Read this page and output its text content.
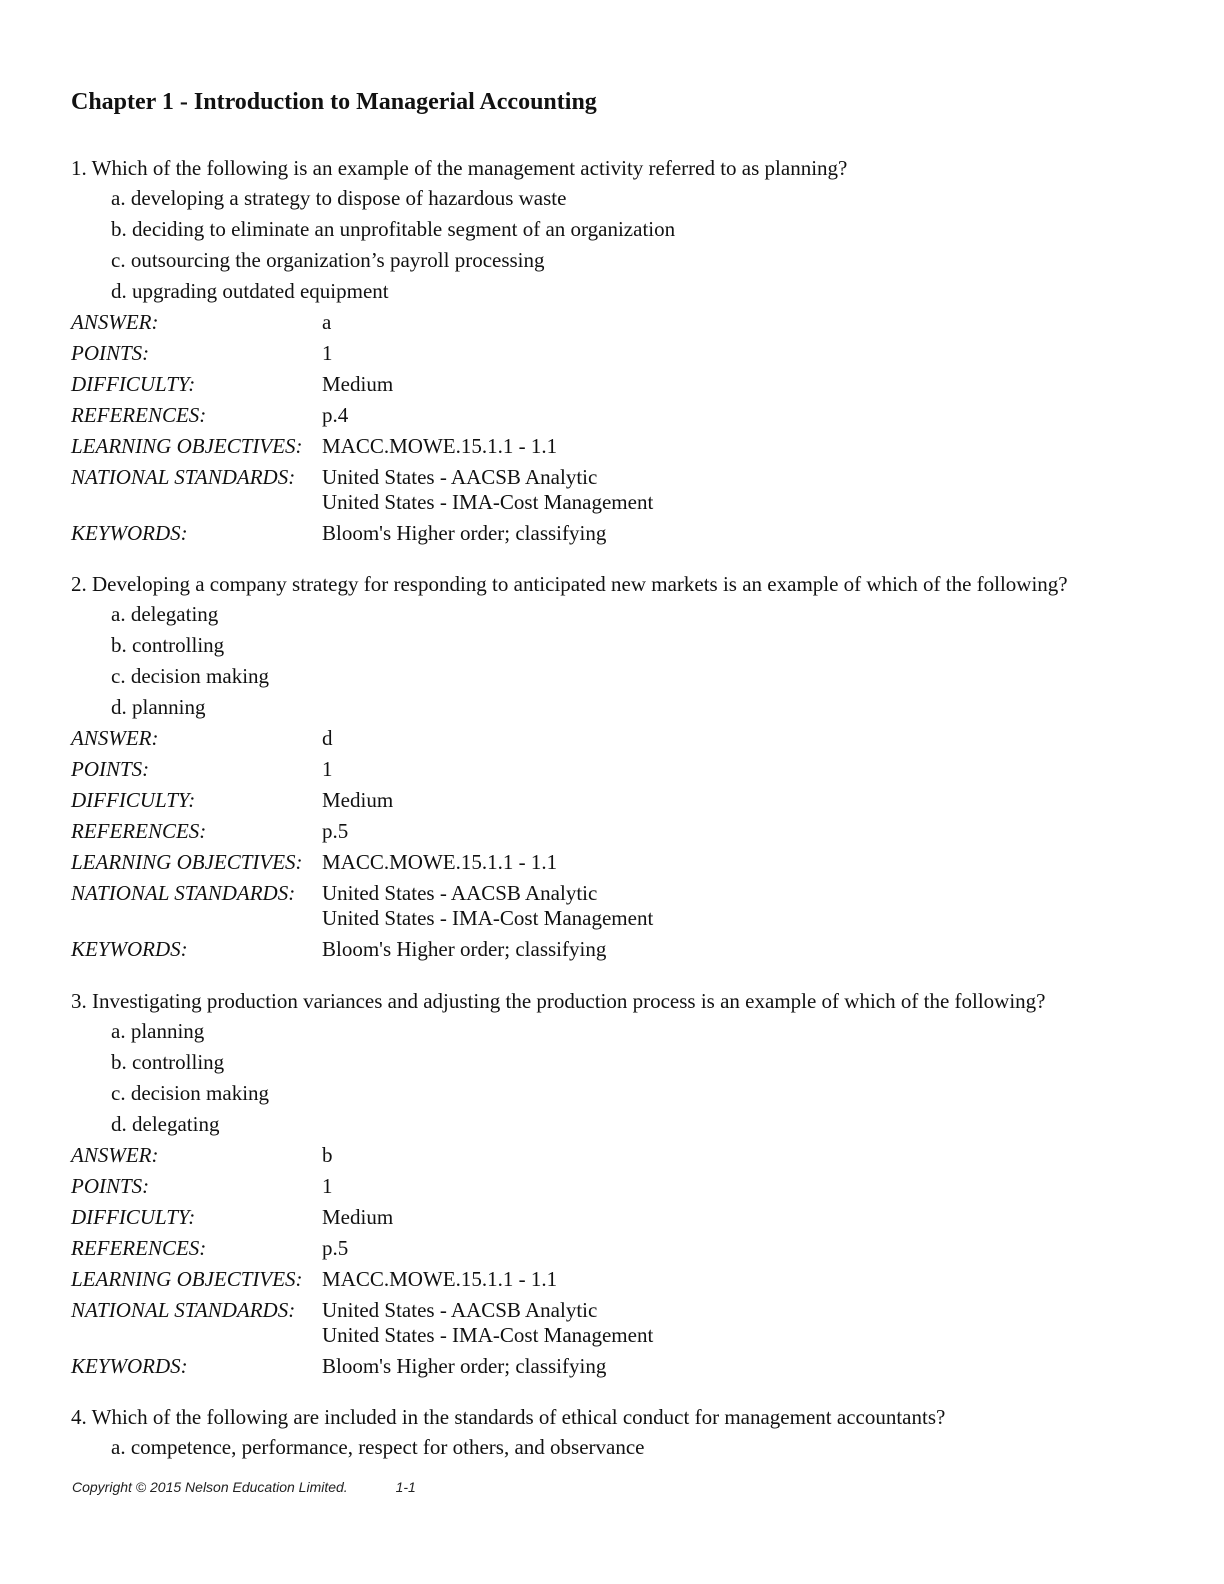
Chapter 1 - Introduction to Managerial Accounting
1. Which of the following is an example of the management activity referred to as planning?
a. developing a strategy to dispose of hazardous waste
b. deciding to eliminate an unprofitable segment of an organization
c. outsourcing the organization’s payroll processing
d. upgrading outdated equipment
ANSWER:	a
POINTS:	1
DIFFICULTY:	Medium
REFERENCES:	p.4
LEARNING OBJECTIVES: MACC.MOWE.15.1.1 - 1.1
NATIONAL STANDARDS:	United States - AACSB Analytic
United States - IMA-Cost Management
KEYWORDS:	Bloom's Higher order; classifying
2. Developing a company strategy for responding to anticipated new markets is an example of which of the following?
a. delegating
b. controlling
c. decision making
d. planning
ANSWER:	d
POINTS:	1
DIFFICULTY:	Medium
REFERENCES:	p.5
LEARNING OBJECTIVES: MACC.MOWE.15.1.1 - 1.1
NATIONAL STANDARDS:	United States - AACSB Analytic
United States - IMA-Cost Management
KEYWORDS:	Bloom's Higher order; classifying
3. Investigating production variances and adjusting the production process is an example of which of the following?
a. planning
b. controlling
c. decision making
d. delegating
ANSWER:	b
POINTS:	1
DIFFICULTY:	Medium
REFERENCES:	p.5
LEARNING OBJECTIVES: MACC.MOWE.15.1.1 - 1.1
NATIONAL STANDARDS:	United States - AACSB Analytic
United States - IMA-Cost Management
KEYWORDS:	Bloom's Higher order; classifying
4. Which of the following are included in the standards of ethical conduct for management accountants?
a. competence, performance, respect for others, and observance
Copyright © 2015 Nelson Education Limited.	1-1
